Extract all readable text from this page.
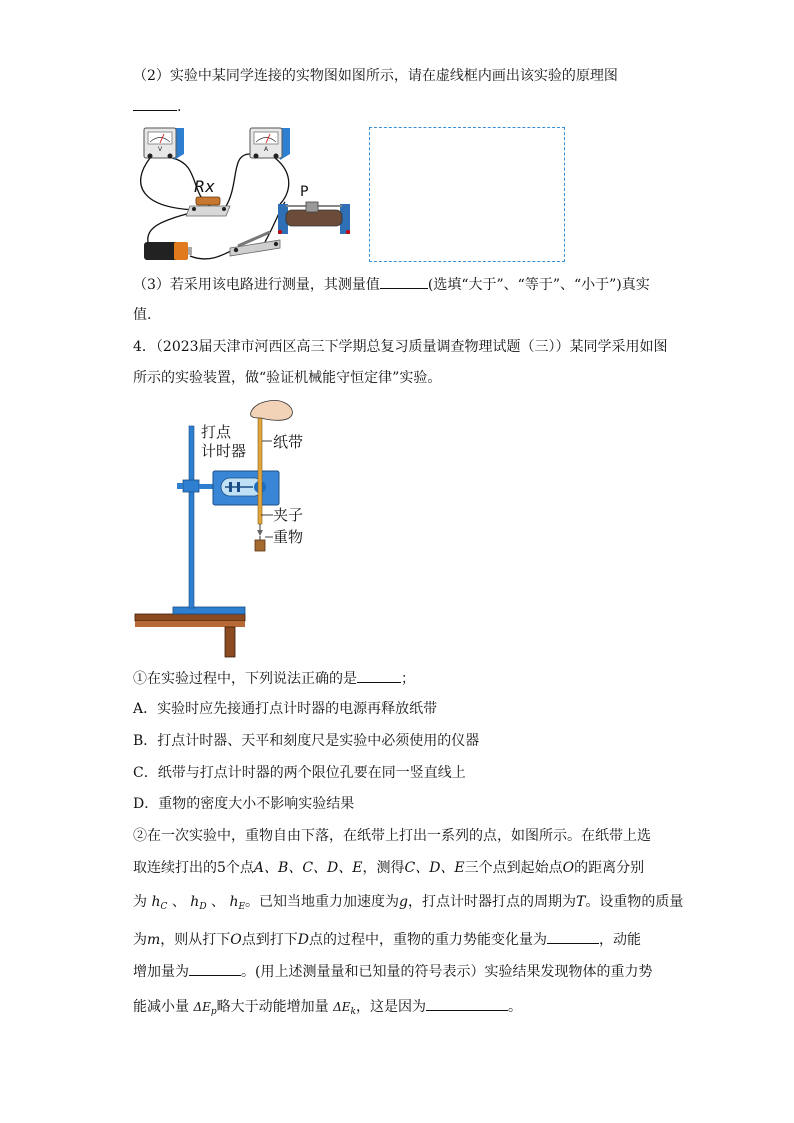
（2）实验中某同学连接的实物图如图所示，请在虚线框内画出该实验的原理图
.
V	A
Rx	P
（3）若采用该电路进行测量，其测量值	(选填“大于”、“等于”、“小于”)真实
值.
4．（2023届天津市河西区高三下学期总复习质量调查物理试题（三））某同学采用如图
所示的实验装置，做“验证机械能守恒定律”实验。
打点
计时器 纸带
夹子
重物
①在实验过程中，下列说法正确的是	；
A．实验时应先接通打点计时器的电源再释放纸带
B．打点计时器、天平和刻度尺是实验中必须使用的仪器
C．纸带与打点计时器的两个限位孔要在同一竖直线上
D．重物的密度大小不影响实验结果
②在一次实验中，重物自由下落，在纸带上打出一系列的点，如图所示。在纸带上选
取连续打出的5个点A、B、C、D、E，测得C、D、E三个点到起始点O的距离分别
为 $h_C$ 、 $h_D$ 、 $h_E$。已知当地重力加速度为g，打点计时器打点的周期为T。设重物的质量
为m，则从打下O点到打下D点的过程中，重物的重力势能变化量为	，动能
增加量为	。(用上述测量量和已知量的符号表示）实验结果发现物体的重力势
能减小量 $\Delta E_p$略大于动能增加量 $\Delta E_k$，这是因为	。
